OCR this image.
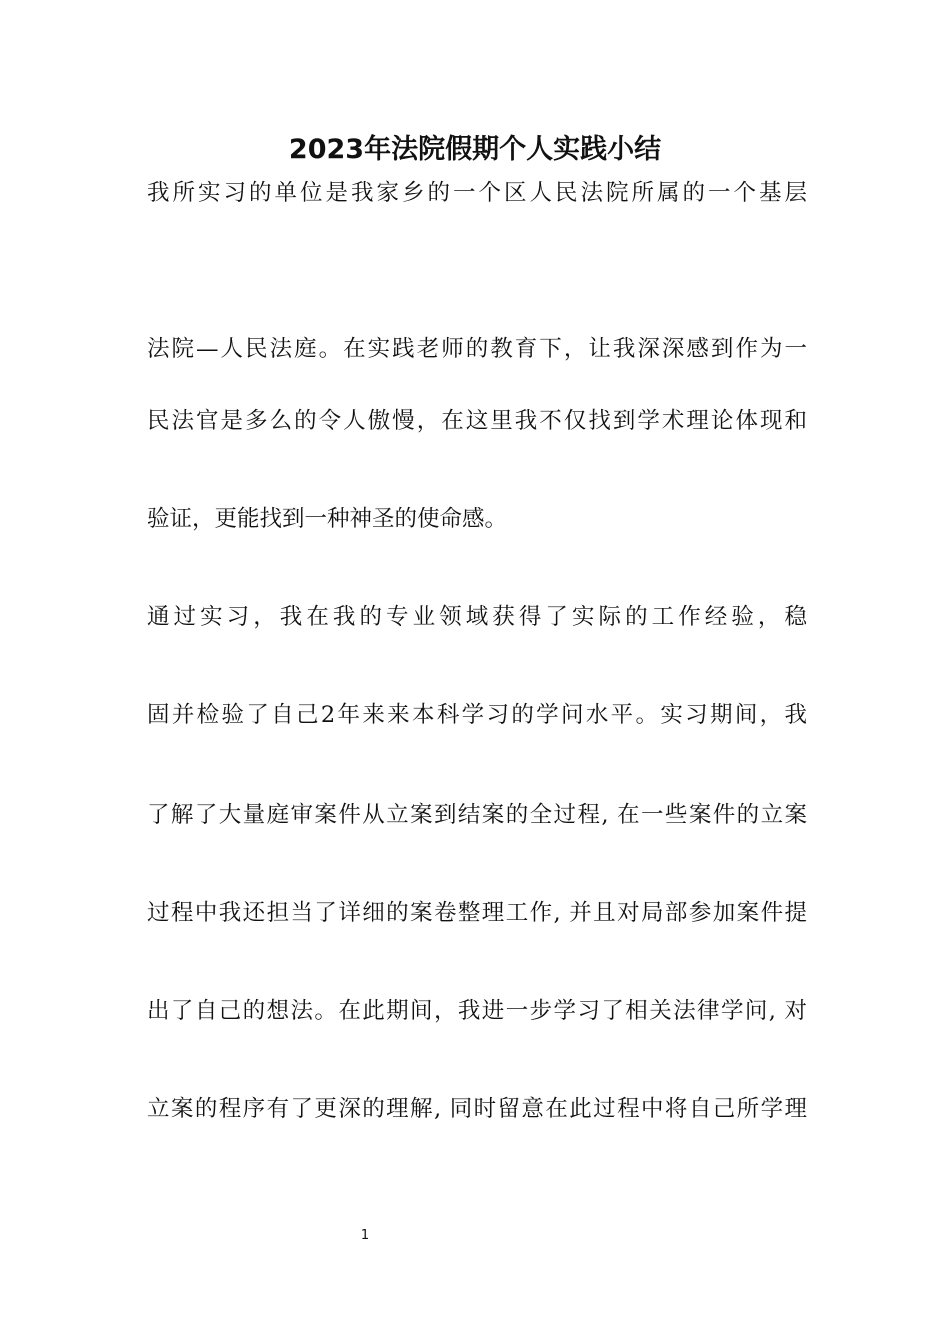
2023年法院假期个人实践小结

我所实习的单位是我家乡的一个区人民法院所属的一个基层

法院—人民法庭。在实践老师的教育下，让我深深感到作为一

民法官是多么的令人傲慢，在这里我不仅找到学术理论体现和

验证，更能找到一种神圣的使命感。

通过实习，我在我的专业领域获得了实际的工作经验，稳

固并检验了自己2年来来本科学习的学问水平。实习期间，我

了解了大量庭审案件从立案到结案的全过程, 在一些案件的立案

过程中我还担当了详细的案卷整理工作, 并且对局部参加案件提

出了自己的想法。在此期间，我进一步学习了相关法律学问, 对

立案的程序有了更深的理解, 同时留意在此过程中将自己所学理

1
